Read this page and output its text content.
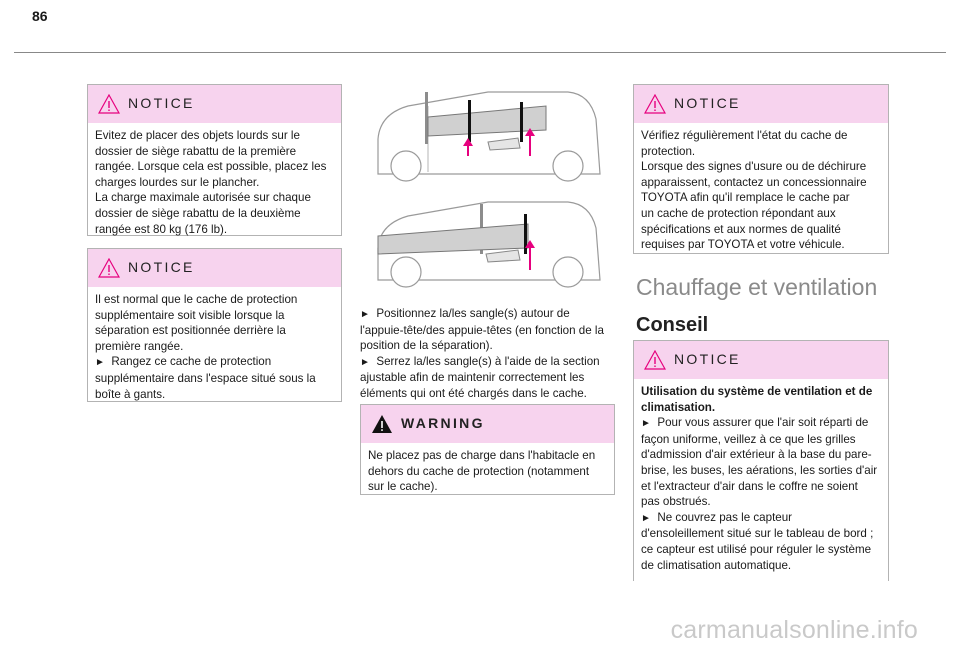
86
NOTICE

Evitez de placer des objets lourds sur le

dossier de siège rabattu de la première

rangée. Lorsque cela est possible, placez les

charges lourdes sur le plancher.

La charge maximale autorisée sur chaque

dossier de siège rabattu de la deuxième

rangée est 80 kg (176 lb).

NOTICE

Il est normal que le cache de protection

supplémentaire soit visible lorsque la

séparation est positionnée derrière la

première rangée.

► Rangez ce cache de protection

supplémentaire dans l'espace situé sous la

boîte à gants.

► Positionnez la/les sangle(s) autour de

l'appuie-tête/des appuie-têtes (en fonction de la

position de la séparation).

► Serrez la/les sangle(s) à l'aide de la section

ajustable afin de maintenir correctement les

éléments qui ont été chargés dans le cache.

WARNING

Ne placez pas de charge dans l'habitacle en

dehors du cache de protection (notamment

sur le cache).

NOTICE

Vérifiez régulièrement l'état du cache de

protection.

Lorsque des signes d'usure ou de déchirure

apparaissent, contactez un concessionnaire

TOYOTA afin qu'il remplace le cache par

un cache de protection répondant aux

spécifications et aux normes de qualité

requises par TOYOTA et votre véhicule.

Chauffage et ventilation
Conseil
NOTICE

Utilisation du système de ventilation et de

climatisation.

► Pour vous assurer que l'air soit réparti de

façon uniforme, veillez à ce que les grilles

d'admission d'air extérieur à la base du pare-

brise, les buses, les aérations, les sorties d'air

et l'extracteur d'air dans le coffre ne soient

pas obstrués.

► Ne couvrez pas le capteur

d'ensoleillement situé sur le tableau de bord ;

ce capteur est utilisé pour réguler le système

de climatisation automatique.

carmanualsonline.info
